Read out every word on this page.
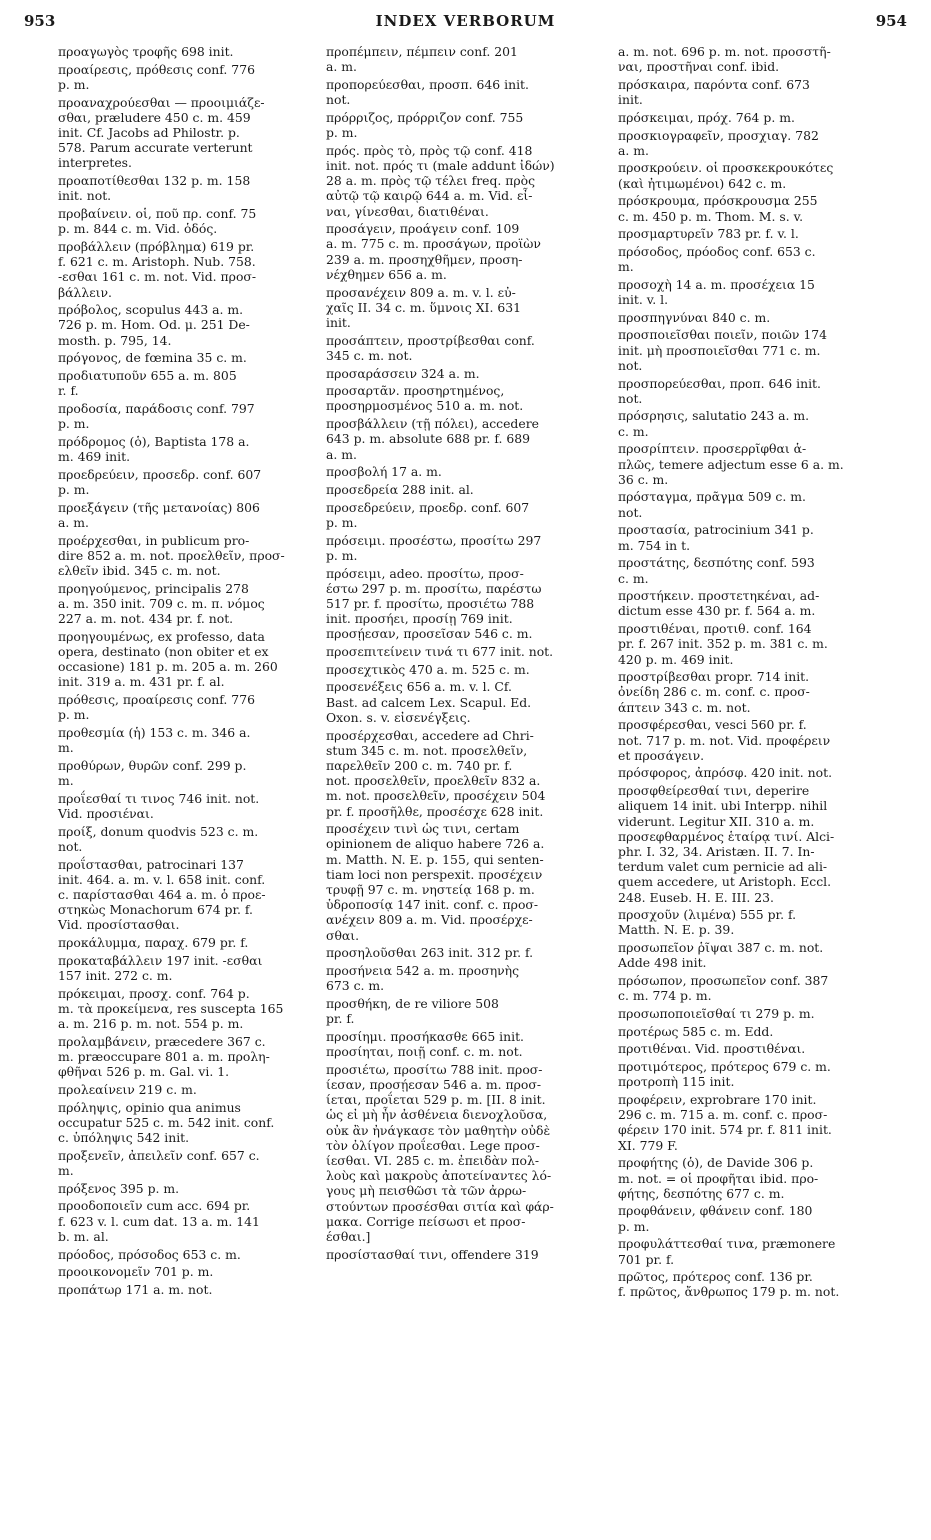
953	INDEX VERBORUM	954
προαγωγὸς τροφῆς 698 init.
προαίρεσις, πρόθεσις conf. 776
p. m.
προαναχρούεσθαι — προοιμιάζε-
σθαι, præludere 450 c. m. 459
init. Cf. Jacobs ad Philostr. p.
578. Parum accurate verterunt
interpretes.
προαποτίθεσθαι 132 p. m. 158
init. not.
προβαίνειν. οἱ, ποῦ πρ. conf. 75
p. m. 844 c. m. Vid. ὁδός.
προβάλλειν (πρόβλημα) 619 pr.
f. 621 c. m. Aristoph. Nub. 758.
-εσθαι 161 c. m. not. Vid. προσ-
βάλλειν.
πρόβολος, scopulus 443 a. m.
726 p. m. Hom. Od. μ. 251 De-
mosth. p. 795, 14.
πρόγονος, de fœmina 35 c. m.
προδιατυπoῦν 655 a. m. 805
r. f.
προδοσία, παράδοσις conf. 797
p. m.
πρόδρομος (ὁ), Baptista 178 a.
m. 469 init.
προεδρεύειν, προσεδρ. conf. 607
p. m.
προεξάγειν (τῆς μετανοίας) 806
a. m.
προέρχεσθαι, in publicum pro-
dire 852 a. m. not. προελθεῖν, προσ-
ελθεῖν ibid. 345 c. m. not.
προηγούμενος, principalis 278
a. m. 350 init. 709 c. m. π. νόμος
227 a. m. not. 434 pr. f. not.
προηγουμένως, ex professo, data
opera, destinato (non obiter et ex
occasione) 181 p. m. 205 a. m. 260
init. 319 a. m. 431 pr. f. al.
πρόθεσις, προαίρεσις conf. 776
p. m.
προθεσμία (ἡ) 153 c. m. 346 a.
m.
προθύρων, θυρῶν conf. 299 p.
m.
προΐεσθαί τι τινος 746 init. not.
Vid. προσιέναι.
προίξ, donum quodvis 523 c. m.
not.
προΐστασθαι, patrocinari 137
init. 464. a. m. v. l. 658 init. conf.
c. παρίστασθαι 464 a. m. ὁ προε-
στηκὼς Monachorum 674 pr. f.
Vid. προσίστασθαι.
προκάλυμμα, παραχ. 679 pr. f.
προκαταβάλλειν 197 init. -εσθαι
157 init. 272 c. m.
πρόκειμαι, προσχ. conf. 764 p.
m. τὰ προκείμενα, res suscepta 165
a. m. 216 p. m. not. 554 p. m.
προλαμβάνειν, præcedere 367 c.
m. præoccupare 801 a. m. προλη-
φθῆναι 526 p. m. Gal. vi. 1.
προλεαίνειν 219 c. m.
πρόληψις, opinio qua animus
occupatur 525 c. m. 542 init. conf.
c. ὑπόληψις 542 init.
προξενεῖν, ἀπειλεῖν conf. 657 c.
m.
πρόξενος 395 p. m.
προοδοποιεῖν cum acc. 694 pr.
f. 623 v. l. cum dat. 13 a. m. 141
b. m. al.
πρόοδος, πρόσοδος 653 c. m.
προοικονομεῖν 701 p. m.
προπάτωρ 171 a. m. not.
προπέμπειν, πέμπειν conf. 201
a. m.
προπορεύεσθαι, προσπ. 646 init.
not.
πρόρριζος, πρόρριζον conf. 755
p. m.
πρός. πρὸς τὸ, πρὸς τῷ conf. 418
init. not. πρός τι (male addunt ἰδών)
28 a. m. πρὸς τῷ τέλει freq. πρὸς
αὐτῷ τῷ καιρῷ 644 a. m. Vid. εἶ-
ναι, γίνεσθαι, διατιθέναι.
προσάγειν, προάγειν conf. 109
a. m. 775 c. m. προσάγων, προϊὼν
239 a. m. προσηχθῆμεν, προση-
νέχθημεν 656 a. m.
προσανέχειν 809 a. m. v. l. εὐ-
χαῖς II. 34 c. m. ὕμνοις XI. 631
init.
προσάπτειν, προστρίβεσθαι conf.
345 c. m. not.
προσαράσσειν 324 a. m.
προσαρτᾶν. προσηρτημένος,
προσηρμοσμένος 510 a. m. not.
προσβάλλειν (τῇ πόλει), accedere
643 p. m. absolute 688 pr. f. 689
a. m.
προσβολή 17 a. m.
προσεδρεία 288 init. al.
προσεδρεύειν, προεδρ. conf. 607
p. m.
πρόσειμι. προσέστω, προσίτω 297
p. m.
πρόσειμι, adeo. προσίτω, προσ-
έστω 297 p. m. προσίτω, παρέστω
517 pr. f. προσίτω, προσιέτω 788
init. προσήει, προσίῃ 769 init.
προσῄεσαν, προσεῖσαν 546 c. m.
προσεπιτείνειν τινά τι 677 init. not.
προσεχτικὸς 470 a. m. 525 c. m.
προσενέξεις 656 a. m. v. l. Cf.
Bast. ad calcem Lex. Scapul. Ed.
Oxon. s. v. εἰσενέγξεις.
προσέρχεσθαι, accedere ad Chri-
stum 345 c. m. not. προσελθεῖν,
παρελθεῖν 200 c. m. 740 pr. f.
not. προσελθεῖν, προελθεῖν 832 a.
m. not. προσελθεῖν, προσέχειν 504
pr. f. προσῆλθε, προσέσχε 628 init.
προσέχειν τινὶ ὡς τινι, certam
opinionem de aliquo habere 726 a.
m. Matth. N. E. p. 155, qui senten-
tiam loci non perspexit. προσέχειν
τρυφῇ 97 c. m. νηστείᾳ 168 p. m.
ὑδροποσίᾳ 147 init. conf. c. προσ-
ανέχειν 809 a. m. Vid. προσέρχε-
σθαι.
προσηλοῦσθαι 263 init. 312 pr. f.
προσήνεια 542 a. m. προσηνὴς
673 c. m.
προσθήκη, de re viliore 508
pr. f.
προσίημι. προσήκασθε 665 init.
προσίηται, ποιῇ conf. c. m. not.
προσιέτω, προσίτω 788 init. προσ-
ίεσαν, προσῄεσαν 546 a. m. προσ-
ίεται, προΐεται 529 p. m. [II. 8 init.
ὡς εἰ μὴ ἦν ἀσθένεια διενοχλοῦσα,
οὐκ ἂν ἠνάγκασε τὸν μαθητὴν οὐδὲ
τὸν ὀλίγον προΐεσθαι. Lege προσ-
ίεσθαι. VI. 285 c. m. ἐπειδὰν πολ-
λοὺς καὶ μακροὺς ἀποτείναντες λό-
γους μὴ πεισθῶσι τὰ τῶν ἀρρω-
στούντων προσέσθαι σιτία καὶ φάρ-
μακα. Corrige πείσωσι et προσ-
έσθαι.]
προσίστασθαί τινι, offendere 319
a. m. not. 696 p. m. not. προσστῆ-
ναι, προστῆναι conf. ibid.
πρόσκαιρα, παρόντα conf. 673
init.
πρόσκειμαι, πρόχ. 764 p. m.
προσκιογραφεῖν, προσχιαγ. 782
a. m.
προσκρούειν. οἱ προσκεκρουκότες
(καὶ ἠτιμωμένοι) 642 c. m.
πρόσκρουμα, πρόσκρουσμα 255
c. m. 450 p. m. Thom. M. s. v.
προσμαρτυρεῖν 783 pr. f. v. l.
πρόσοδος, πρόοδος conf. 653 c.
m.
προσοχὴ 14 a. m. προσέχεια 15
init. v. l.
προσπηγνύναι 840 c. m.
προσποιεῖσθαι ποιεῖν, ποιῶν 174
init. μὴ προσποιεῖσθαι 771 c. m.
not.
προσπορεύεσθαι, προπ. 646 init.
not.
πρόσρησις, salutatio 243 a. m.
c. m.
προσρίπτειν. προσερρῖφθαι ἁ-
πλῶς, temere adjectum esse 6 a. m.
36 c. m.
πρόσταγμα, πρᾶγμα 509 c. m.
not.
προστασία, patrocinium 341 p.
m. 754 in t.
προστάτης, δεσπότης conf. 593
c. m.
προστήκειν. προστετηκέναι, ad-
dictum esse 430 pr. f. 564 a. m.
προστιθέναι, προτιθ. conf. 164
pr. f. 267 init. 352 p. m. 381 c. m.
420 p. m. 469 init.
προστρίβεσθαι propr. 714 init.
ὀνείδη 286 c. m. conf. c. προσ-
άπτειν 343 c. m. not.
προσφέρεσθαι, vesci 560 pr. f.
not. 717 p. m. not. Vid. προφέρειν
et προσάγειν.
πρόσφορος, ἀπρόσφ. 420 init. not.
προσφθείρεσθαί τινι, deperire
aliquem 14 init. ubi Interpp. nihil
viderunt. Legitur XII. 310 a. m.
προσεφθαρμένος ἑταίρᾳ τινί. Alci-
phr. I. 32, 34. Aristæn. II. 7. In-
terdum valet cum pernicie ad ali-
quem accedere, ut Aristoph. Eccl.
248. Euseb. H. E. III. 23.
προσχοῦν (λιμένα) 555 pr. f.
Matth. N. E. p. 39.
προσωπεῖον ῥῖψαι 387 c. m. not.
Adde 498 init.
πρόσωπον, προσωπεῖον conf. 387
c. m. 774 p. m.
προσωποποιεῖσθαί τι 279 p. m.
προτέρως 585 c. m. Edd.
προτιθέναι. Vid. προστιθέναι.
προτιμότερος, πρότερος 679 c. m.
προτροπὴ 115 init.
προφέρειν, exprobrare 170 init.
296 c. m. 715 a. m. conf. c. προσ-
φέρειν 170 init. 574 pr. f. 811 init.
XI. 779 F.
προφήτης (ὁ), de Davide 306 p.
m. not. = οἱ προφῆται ibid. προ-
φήτης, δεσπότης 677 c. m.
προφθάνειν, φθάνειν conf. 180
p. m.
προφυλάττεσθαί τινα, præmonere
701 pr. f.
πρῶτος, πρότερος conf. 136 pr.
f. πρῶτος, ἄνθρωπος 179 p. m. not.
